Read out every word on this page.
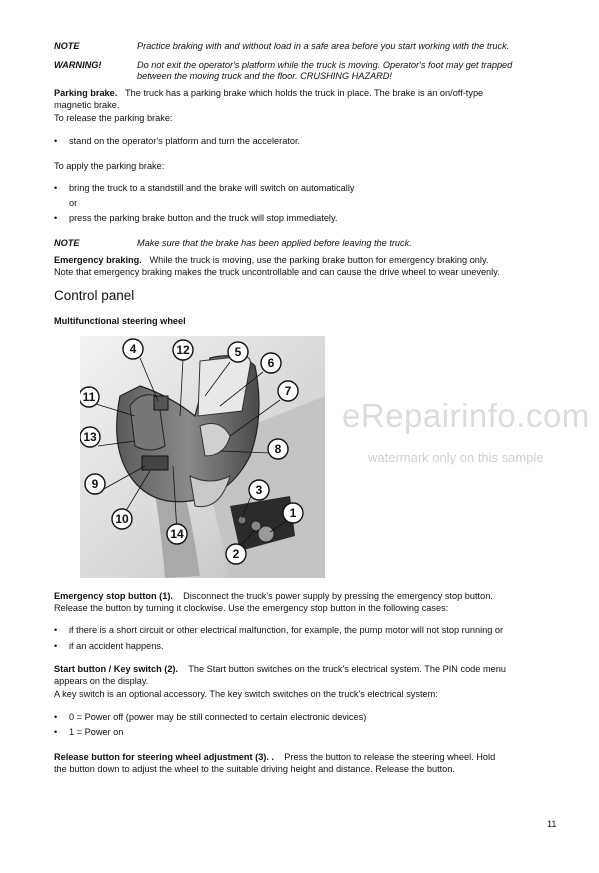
NOTE	Practice braking with and without load in a safe area before you start working with the truck.
WARNING!	Do not exit the operator's platform while the truck is moving. Operator's foot may get trapped
between the moving truck and the floor. CRUSHING HAZARD!
Parking brake. The truck has a parking brake which holds the truck in place. The brake is an on/off-type
magnetic brake.
To release the parking brake:
• stand on the operator's platform and turn the accelerator.
To apply the parking brake:
• bring the truck to a standstill and the brake will switch on automatically
or
• press the parking brake button and the truck will stop immediately.
NOTE	Make sure that the brake has been applied before leaving the truck.
Emergency braking. While the truck is moving, use the parking brake button for emergency braking only.
Note that emergency braking makes the truck uncontrollable and can cause the drive wheel to wear unevenly.
Control panel
Multifunctional steering wheel
4	12	5
6
7
11
13
8
9	3
1
10
14
2
eRepairinfo.com
watermark only on this sample
Emergency stop button (1). Disconnect the truck's power supply by pressing the emergency stop button.
Release the button by turning it clockwise. Use the emergency stop button in the following cases:
• if there is a short circuit or other electrical malfunction, for example, the pump motor will not stop running or
• if an accident happens.
Start button / Key switch (2). The Start button switches on the truck's electrical system. The PIN code menu
appears on the display.
A key switch is an optional accessory. The key switch switches on the truck's electrical system:
• 0 = Power off (power may be still connected to certain electronic devices)
• 1 = Power on
Release button for steering wheel adjustment (3). . Press the button to release the steering wheel. Hold
the button down to adjust the wheel to the suitable driving height and distance. Release the button.
11
